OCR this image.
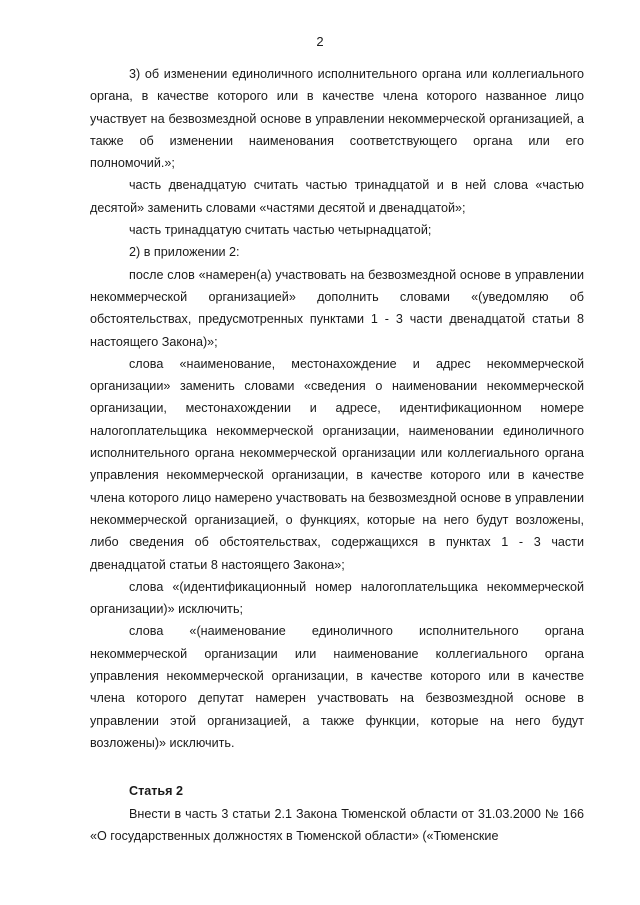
2

3) об изменении единоличного исполнительного органа или коллегиального органа, в качестве которого или в качестве члена которого названное лицо участвует на безвозмездной основе в управлении некоммерческой организацией, а также об изменении наименования соответствующего органа или его полномочий.»;

часть двенадцатую считать частью тринадцатой и в ней слова «частью десятой» заменить словами «частями десятой и двенадцатой»;

часть тринадцатую считать частью четырнадцатой;

2) в приложении 2:

после слов «намерен(а) участвовать на безвозмездной основе в управлении некоммерческой организацией» дополнить словами «(уведомляю об обстоятельствах, предусмотренных пунктами 1 - 3 части двенадцатой статьи 8 настоящего Закона)»;

слова «наименование, местонахождение и адрес некоммерческой организации» заменить словами «сведения о наименовании некоммерческой организации, местонахождении и адресе, идентификационном номере налогоплательщика некоммерческой организации, наименовании единоличного исполнительного органа некоммерческой организации или коллегиального органа управления некоммерческой организации, в качестве которого или в качестве члена которого лицо намерено участвовать на безвозмездной основе в управлении некоммерческой организацией, о функциях, которые на него будут возложены, либо сведения об обстоятельствах, содержащихся в пунктах 1 - 3 части двенадцатой статьи 8 настоящего Закона»;

слова «(идентификационный номер налогоплательщика некоммерческой организации)» исключить;

слова «(наименование единоличного исполнительного органа некоммерческой организации или наименование коллегиального органа управления некоммерческой организации, в качестве которого или в качестве члена которого депутат намерен участвовать на безвозмездной основе в управлении этой организацией, а также функции, которые на него будут возложены)» исключить.

Статья 2

Внести в часть 3 статьи 2.1 Закона Тюменской области от 31.03.2000 № 166 «О государственных должностях в Тюменской области» («Тюменские
